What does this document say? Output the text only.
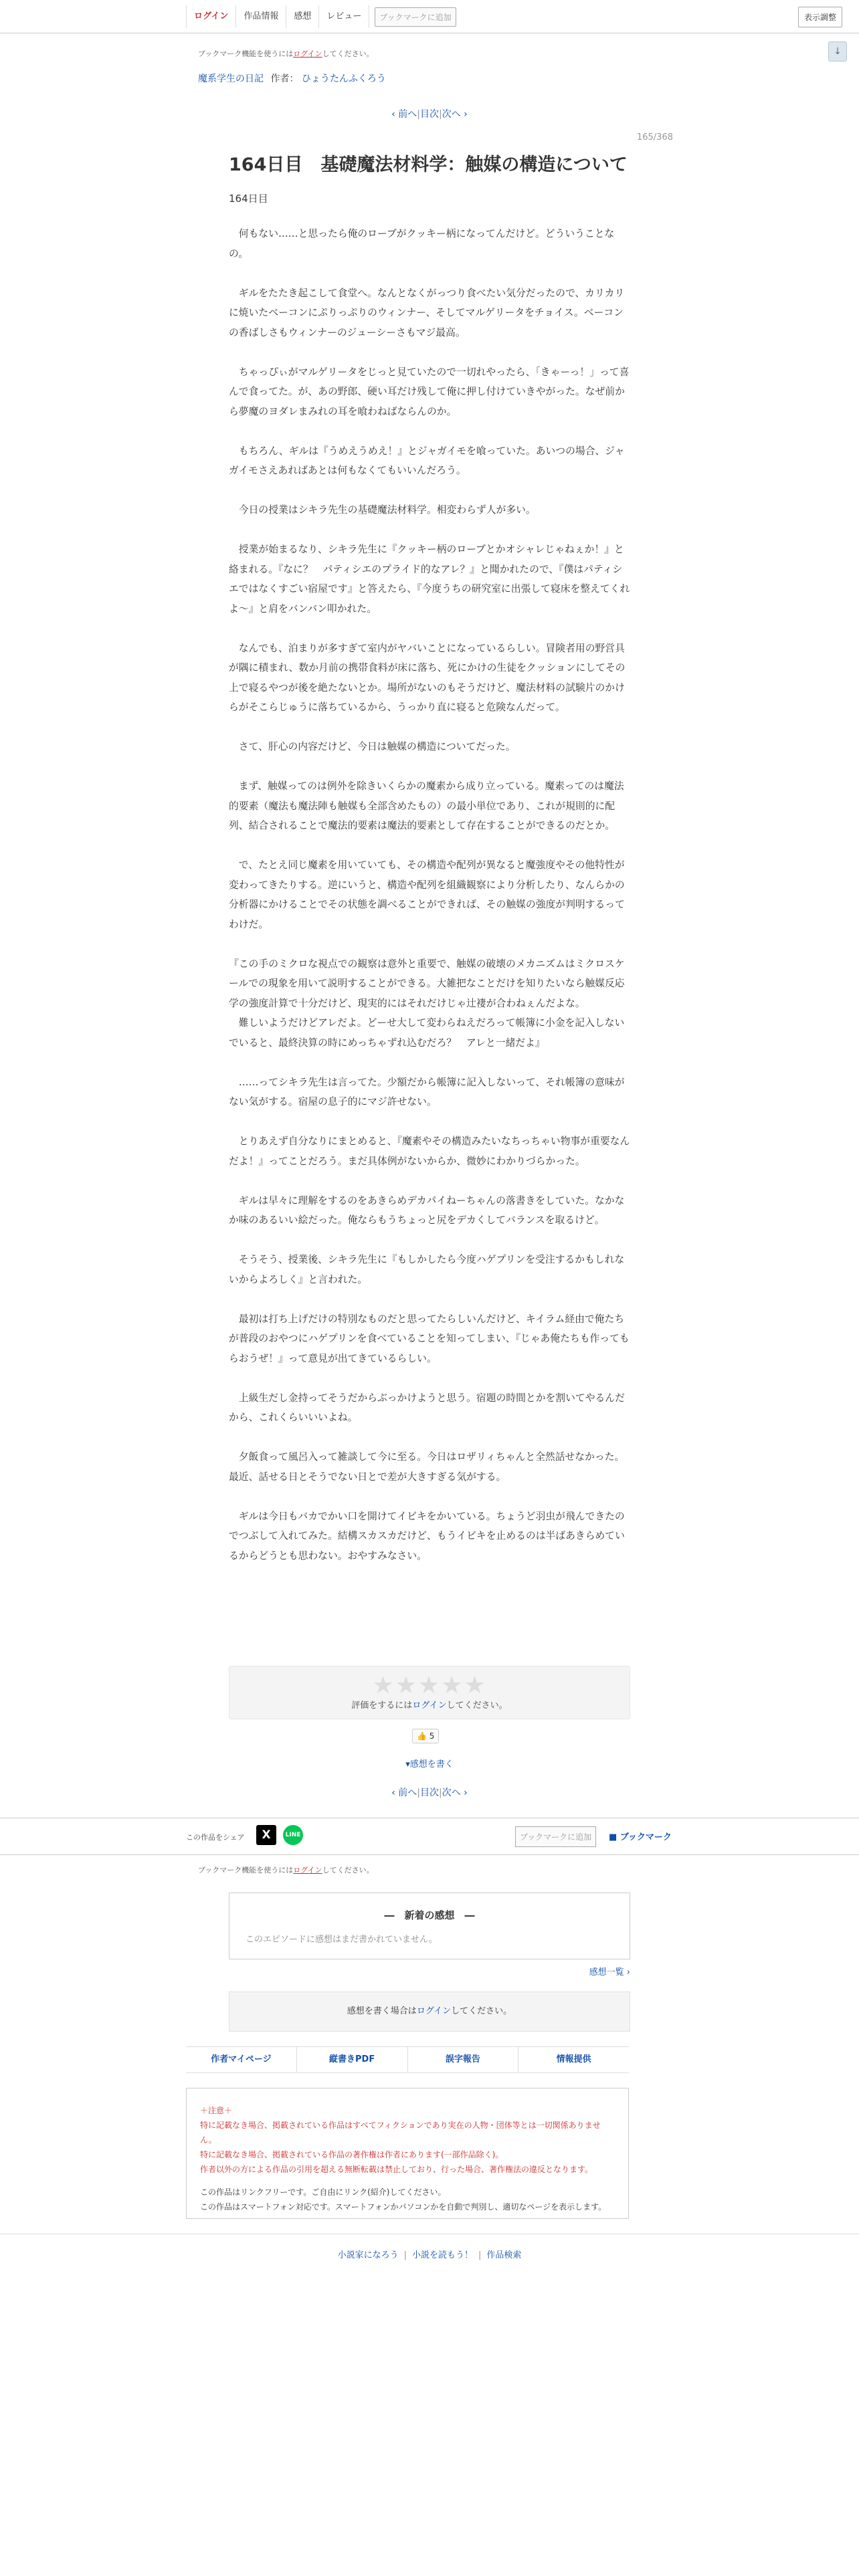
ログイン	作品情報	感想	レビュー	ブックマークに追加	表示調整
↓
ブックマーク機能を使うにはログインしてください。
魔系学生の日記 作者： ひょうたんふくろう
‹ 前へ|目次|次へ ›
165/368
164日目　基礎魔法材料学：触媒の構造について
164日目

　何もない……と思ったら俺のローブがクッキー柄になってんだけど。どういうことなの。

　ギルをたたき起こして食堂へ。なんとなくがっつり食べたい気分だったので、カリカリに焼いたベーコンにぷりっぷりのウィンナー、そしてマルゲリータをチョイス。ベーコンの香ばしさもウィンナーのジューシーさもマジ最高。

　ちゃっぴぃがマルゲリータをじっと見ていたので一切れやったら、「きゃーっ！」って喜んで食ってた。が、あの野郎、硬い耳だけ残して俺に押し付けていきやがった。なぜ前から夢魔のヨダレまみれの耳を喰わねばならんのか。

　もちろん、ギルは『うめえうめえ！』とジャガイモを喰っていた。あいつの場合、ジャガイモさえあればあとは何もなくてもいいんだろう。

　今日の授業はシキラ先生の基礎魔法材料学。相変わらず人が多い。

　授業が始まるなり、シキラ先生に『クッキー柄のローブとかオシャレじゃねぇか！』と絡まれる。『なに？　パティシエのプライド的なアレ？』と聞かれたので、『僕はパティシエではなくすごい宿屋です』と答えたら、『今度うちの研究室に出張して寝床を整えてくれよ～』と肩をバンバン叩かれた。

　なんでも、泊まりが多すぎて室内がヤバいことになっているらしい。冒険者用の野営具が隅に積まれ、数か月前の携帯食料が床に落ち、死にかけの生徒をクッションにしてその上で寝るやつが後を絶たないとか。場所がないのもそうだけど、魔法材料の試験片のかけらがそこらじゅうに落ちているから、うっかり直に寝ると危険なんだって。

　さて、肝心の内容だけど、今日は触媒の構造についてだった。

　まず、触媒ってのは例外を除きいくらかの魔素から成り立っている。魔素ってのは魔法的要素（魔法も魔法陣も触媒も全部含めたもの）の最小単位であり、これが規則的に配列、結合されることで魔法的要素は魔法的要素として存在することができるのだとか。

　で、たとえ同じ魔素を用いていても、その構造や配列が異なると魔強度やその他特性が変わってきたりする。逆にいうと、構造や配列を組織観察により分析したり、なんらかの分析器にかけることでその状態を調べることができれば、その触媒の強度が判明するってわけだ。

『この手のミクロな視点での観察は意外と重要で、触媒の破壊のメカニズムはミクロスケールでの現象を用いて説明することができる。大雑把なことだけを知りたいなら触媒反応学の強度計算で十分だけど、現実的にはそれだけじゃ辻褄が合わねぇんだよな。

　難しいようだけどアレだよ。どーせ大して変わらねえだろって帳簿に小金を記入しないでいると、最終決算の時にめっちゃずれ込むだろ？　アレと一緒だよ』

　……ってシキラ先生は言ってた。少額だから帳簿に記入しないって、それ帳簿の意味がない気がする。宿屋の息子的にマジ許せない。

　とりあえず自分なりにまとめると、『魔素やその構造みたいなちっちゃい物事が重要なんだよ！』ってことだろう。まだ具体例がないからか、微妙にわかりづらかった。

　ギルは早々に理解をするのをあきらめデカパイねーちゃんの落書きをしていた。なかなか味のあるいい絵だった。俺ならもうちょっと尻をデカくしてバランスを取るけど。

　そうそう、授業後、シキラ先生に『もしかしたら今度ハゲプリンを受注するかもしれないからよろしく』と言われた。

　最初は打ち上げだけの特別なものだと思ってたらしいんだけど、キイラム経由で俺たちが普段のおやつにハゲプリンを食べていることを知ってしまい、『じゃあ俺たちも作ってもらおうぜ！』って意見が出てきているらしい。

　上級生だし金持ってそうだからぶっかけようと思う。宿題の時間とかを割いてやるんだから、これくらいいいよね。

　夕飯食って風呂入って雑談して今に至る。今日はロザリィちゃんと全然話せなかった。最近、話せる日とそうでない日とで差が大きすぎる気がする。

　ギルは今日もバカでかい口を開けてイビキをかいている。ちょうど羽虫が飛んできたのでつぶして入れてみた。結構スカスカだけど、もうイビキを止めるのは半ばあきらめているからどうとも思わない。おやすみなさい。

★★★★★
評価をするにはログインしてください。
👍 5
▾感想を書く
‹ 前へ|目次|次へ ›
この作品をシェア	X	LINE	ブックマークに追加	■ ブックマーク
ブックマーク機能を使うにはログインしてください。
―　新着の感想　―
このエピソードに感想はまだ書かれていません。
感想一覧 ›
感想を書く場合はログインしてください。
作者マイページ	縦書きPDF	誤字報告	情報提供
＋注意＋
特に記載なき場合、掲載されている作品はすべてフィクションであり実在の人物・団体等とは一切関係ありません。
特に記載なき場合、掲載されている作品の著作権は作者にあります(一部作品除く)。
作者以外の方による作品の引用を超える無断転載は禁止しており、行った場合、著作権法の違反となります。
この作品はリンクフリーです。ご自由にリンク(紹介)してください。
この作品はスマートフォン対応です。スマートフォンかパソコンかを自動で判別し、適切なページを表示します。
小説家になろう | 小説を読もう！ | 作品検索
